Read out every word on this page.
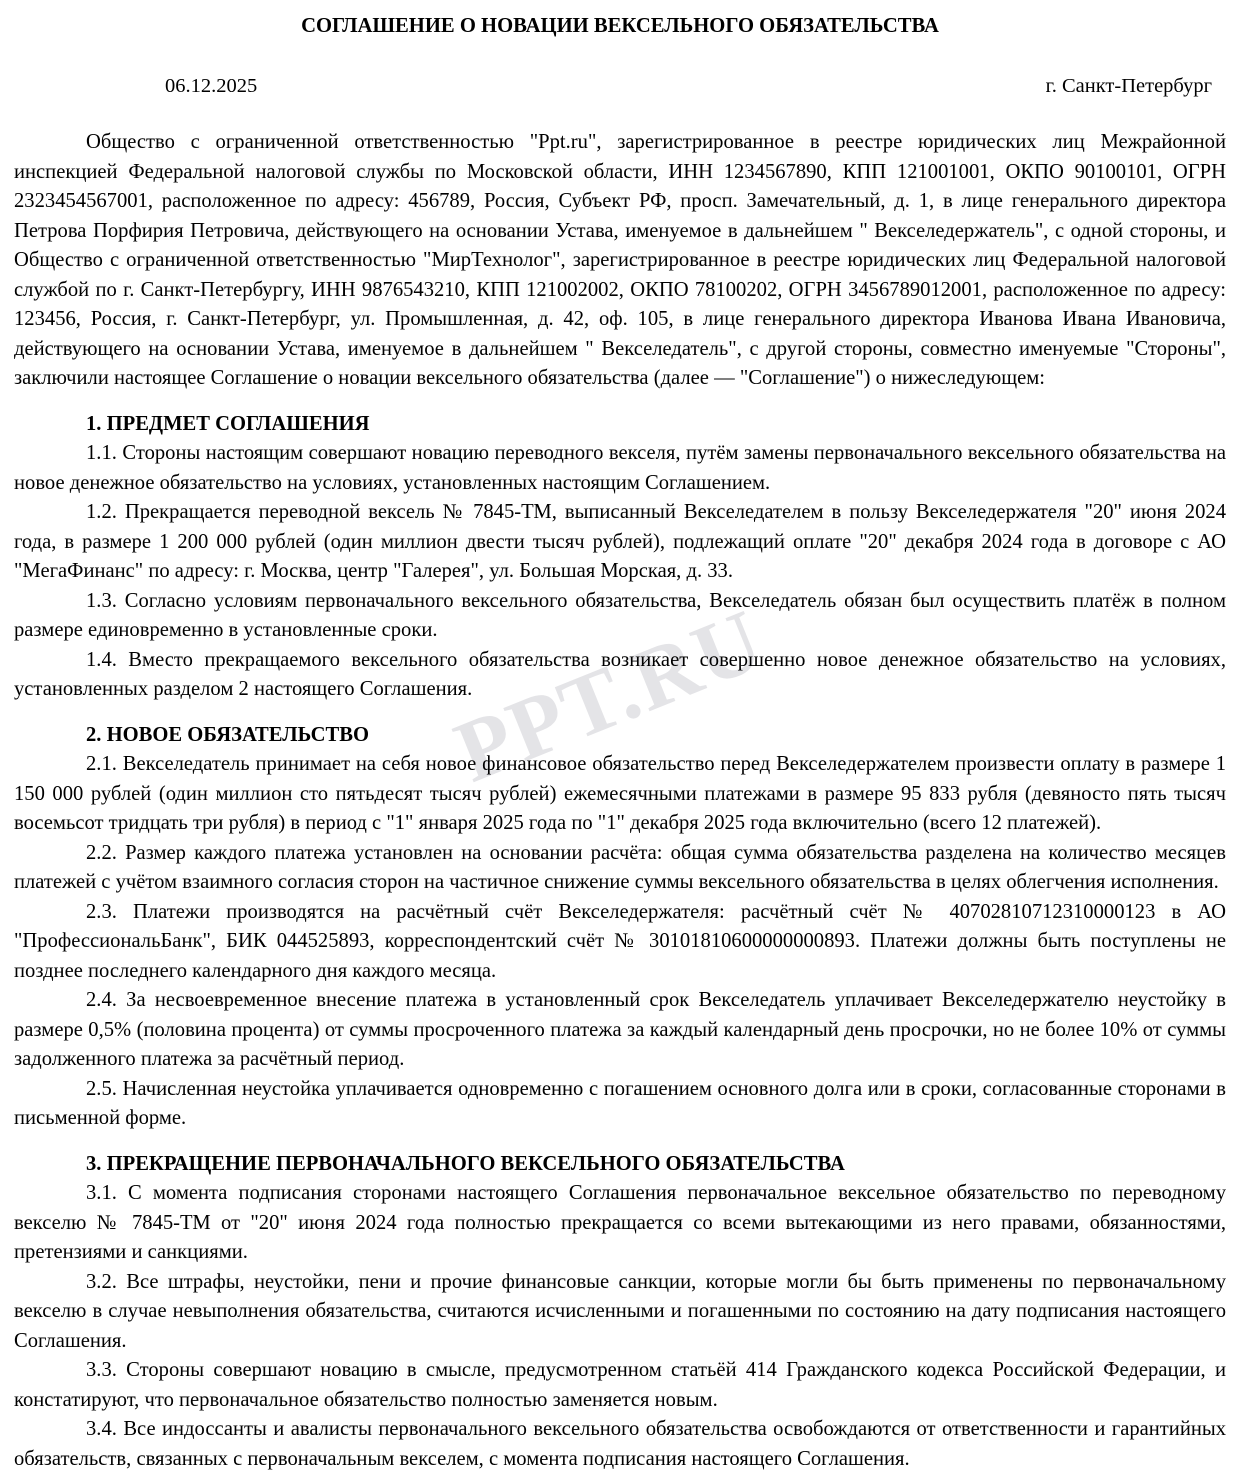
PPT.RU
СОГЛАШЕНИЕ О НОВАЦИИ ВЕКСЕЛЬНОГО ОБЯЗАТЕЛЬСТВА
06.12.2025	г. Санкт-Петербург

Общество с ограниченной ответственностью "Ppt.ru", зарегистрированное в реестре юридических лиц Межрайонной инспекцией Федеральной налоговой службы по Московской области, ИНН 1234567890, КПП 121001001, ОКПО 90100101, ОГРН 2323454567001, расположенное по адресу: 456789, Россия, Субъект РФ, просп. Замечательный, д. 1, в лице генерального директора Петрова Порфирия Петровича, действующего на основании Устава, именуемое в дальнейшем " Векселедержатель", с одной стороны, и Общество с ограниченной ответственностью "МирТехнолог", зарегистрированное в реестре юридических лиц Федеральной налоговой службой по г. Санкт-Петербургу, ИНН 9876543210, КПП 121002002, ОКПО 78100202, ОГРН 3456789012001, расположенное по адресу: 123456, Россия, г. Санкт-Петербург, ул. Промышленная, д. 42, оф. 105, в лице генерального директора Иванова Ивана Ивановича, действующего на основании Устава, именуемое в дальнейшем " Векселедатель", с другой стороны, совместно именуемые "Стороны", заключили настоящее Соглашение о новации вексельного обязательства (далее — "Соглашение") о нижеследующем:

1. ПРЕДМЕТ СОГЛАШЕНИЯ

1.1. Стороны настоящим совершают новацию переводного векселя, путём замены первоначального вексельного обязательства на новое денежное обязательство на условиях, установленных настоящим Соглашением.

1.2. Прекращается переводной вексель № 7845-ТМ, выписанный Векселедателем в пользу Векселедержателя "20" июня 2024 года, в размере 1 200 000 рублей (один миллион двести тысяч рублей), подлежащий оплате "20" декабря 2024 года в договоре с АО "МегаФинанс" по адресу: г. Москва, центр "Галерея", ул. Большая Морская, д. 33.

1.3. Согласно условиям первоначального вексельного обязательства, Векселедатель обязан был осуществить платёж в полном размере единовременно в установленные сроки.

1.4. Вместо прекращаемого вексельного обязательства возникает совершенно новое денежное обязательство на условиях, установленных разделом 2 настоящего Соглашения.

2. НОВОЕ ОБЯЗАТЕЛЬСТВО

2.1. Векселедатель принимает на себя новое финансовое обязательство перед Векселедержателем произвести оплату в размере 1 150 000 рублей (один миллион сто пятьдесят тысяч рублей) ежемесячными платежами в размере 95 833 рубля (девяносто пять тысяч восемьсот тридцать три рубля) в период с "1" января 2025 года по "1" декабря 2025 года включительно (всего 12 платежей).

2.2. Размер каждого платежа установлен на основании расчёта: общая сумма обязательства разделена на количество месяцев платежей с учётом взаимного согласия сторон на частичное снижение суммы вексельного обязательства в целях облегчения исполнения.

2.3. Платежи производятся на расчётный счёт Векселедержателя: расчётный счёт № 40702810712310000123 в АО "ПрофессиональБанк", БИК 044525893, корреспондентский счёт № 30101810600000000893. Платежи должны быть поступлены не позднее последнего календарного дня каждого месяца.

2.4. За несвоевременное внесение платежа в установленный срок Векселедатель уплачивает Векселедержателю неустойку в размере 0,5% (половина процента) от суммы просроченного платежа за каждый календарный день просрочки, но не более 10% от суммы задолженного платежа за расчётный период.

2.5. Начисленная неустойка уплачивается одновременно с погашением основного долга или в сроки, согласованные сторонами в письменной форме.

3. ПРЕКРАЩЕНИЕ ПЕРВОНАЧАЛЬНОГО ВЕКСЕЛЬНОГО ОБЯЗАТЕЛЬСТВА

3.1. С момента подписания сторонами настоящего Соглашения первоначальное вексельное обязательство по переводному векселю № 7845-ТМ от "20" июня 2024 года полностью прекращается со всеми вытекающими из него правами, обязанностями, претензиями и санкциями.

3.2. Все штрафы, неустойки, пени и прочие финансовые санкции, которые могли бы быть применены по первоначальному векселю в случае невыполнения обязательства, считаются исчисленными и погашенными по состоянию на дату подписания настоящего Соглашения.

3.3. Стороны совершают новацию в смысле, предусмотренном статьёй 414 Гражданского кодекса Российской Федерации, и констатируют, что первоначальное обязательство полностью заменяется новым.

3.4. Все индоссанты и авалисты первоначального вексельного обязательства освобождаются от ответственности и гарантийных обязательств, связанных с первоначальным векселем, с момента подписания настоящего Соглашения.
